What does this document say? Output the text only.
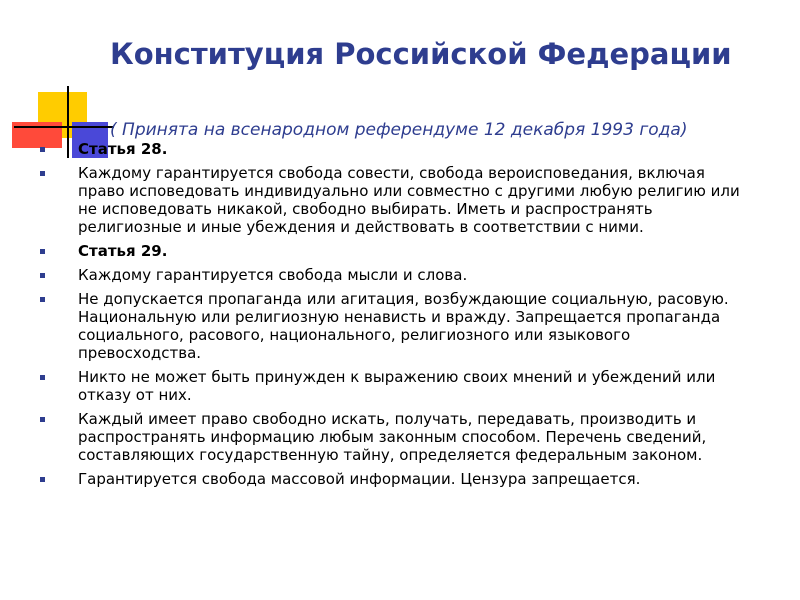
Конституция Российской Федерации
( Принята на всенародном референдуме 12 декабря 1993 года)
Статья 28.
Каждому гарантируется свобода совести, свобода вероисповедания, включая право исповедовать индивидуально или совместно с другими любую религию или не исповедовать никакой, свободно выбирать. Иметь и распространять религиозные и иные убеждения и действовать в соответствии с ними.
Статья 29.
Каждому гарантируется свобода мысли и слова.
Не допускается пропаганда или агитация, возбуждающие социальную, расовую. Национальную или религиозную ненависть и вражду. Запрещается пропаганда социального, расового, национального, религиозного или языкового превосходства.
Никто не может быть принужден к выражению своих мнений и убеждений или отказу от них.
Каждый имеет право свободно искать, получать, передавать, производить и распространять информацию любым законным способом. Перечень сведений, составляющих государственную тайну, определяется федеральным законом.
Гарантируется свобода массовой информации. Цензура запрещается.
